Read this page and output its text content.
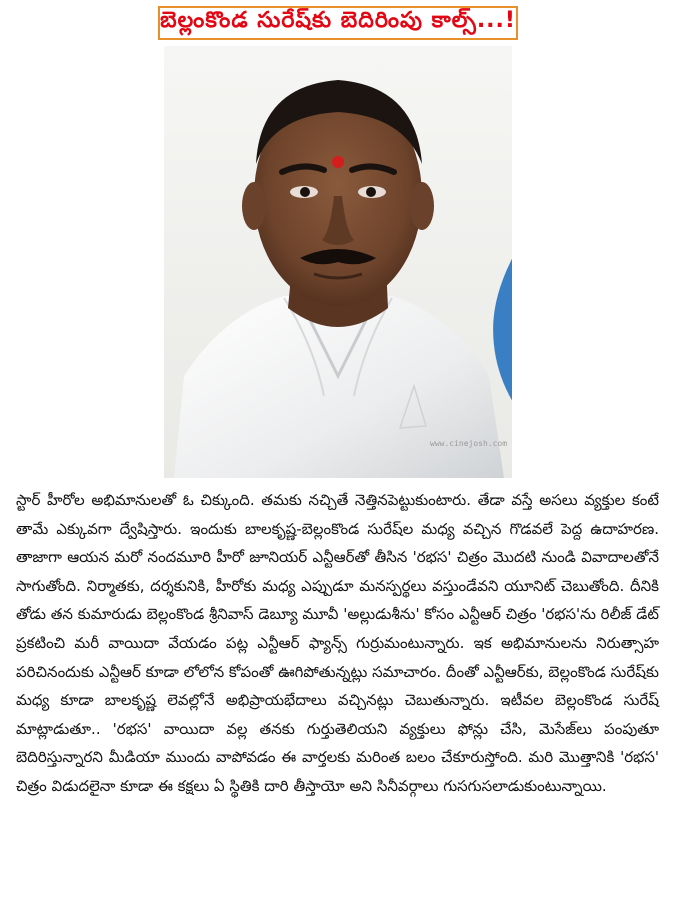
బెల్లంకొండ సురేష్‌కు బెదిరింపు కాల్స్...!
www.cinejosh.com
స్టార్ హీరోల అభిమానులతో ఓ చిక్కుంది. తమకు నచ్చితే నెత్తినపెట్టుకుంటారు. తేడా వస్తే అసలు వ్యక్తుల కంటే తామే ఎక్కువగా ద్వేషిస్తారు. ఇందుకు బాలకృష్ణ-బెల్లంకొండ సురేష్‌ల మధ్య వచ్చిన గొడవలే పెద్ద ఉదాహరణ. తాజాగా ఆయన మరో నందమూరి హీరో జూనియర్ ఎన్టీఆర్‌తో తీసిన 'రభస' చిత్రం మొదటి నుండి వివాదాలతోనే సాగుతోంది. నిర్మాతకు, దర్శకునికి, హీరోకు మధ్య ఎప్పుడూ మనస్పర్థలు వస్తుండేవని యూనిట్ చెబుతోంది. దీనికి తోడు తన కుమారుడు బెల్లంకొండ శ్రీనివాస్ డెబ్యూ మూవీ 'అల్లుడుశీను' కోసం ఎన్టీఆర్ చిత్రం 'రభస'ను రిలీజ్ డేట్ ప్రకటించి మరీ వాయిదా వేయడం పట్ల ఎన్టీఆర్ ఫ్యాన్స్ గుర్రుమంటున్నారు. ఇక అభిమానులను నిరుత్సాహ పరిచినందుకు ఎన్టీఆర్ కూడా లోలోన కోపంతో ఊగిపోతున్నట్లు సమాచారం. దీంతో ఎన్టీఆర్‌కు, బెల్లంకొండ సురేష్‌కు మధ్య కూడా బాలకృష్ణ లెవల్లోనే అభిప్రాయభేదాలు వచ్చినట్లు చెబుతున్నారు. ఇటీవల బెల్లంకొండ సురేష్ మాట్లాడుతూ.. 'రభస' వాయిదా వల్ల తనకు గుర్తుతెలియని వ్యక్తులు ఫోన్లు చేసి, మెసేజ్‌లు పంపుతూ బెదిరిస్తున్నారని మీడియా ముందు వాపోవడం ఈ వార్తలకు మరింత బలం చేకూరుస్తోంది. మరి మొత్తానికి 'రభస' చిత్రం విడుదలైనా కూడా ఈ కక్షలు ఏ స్థితికి దారి తీస్తాయో అని సినీవర్గాలు గుసగుసలాడుకుంటున్నాయి.
